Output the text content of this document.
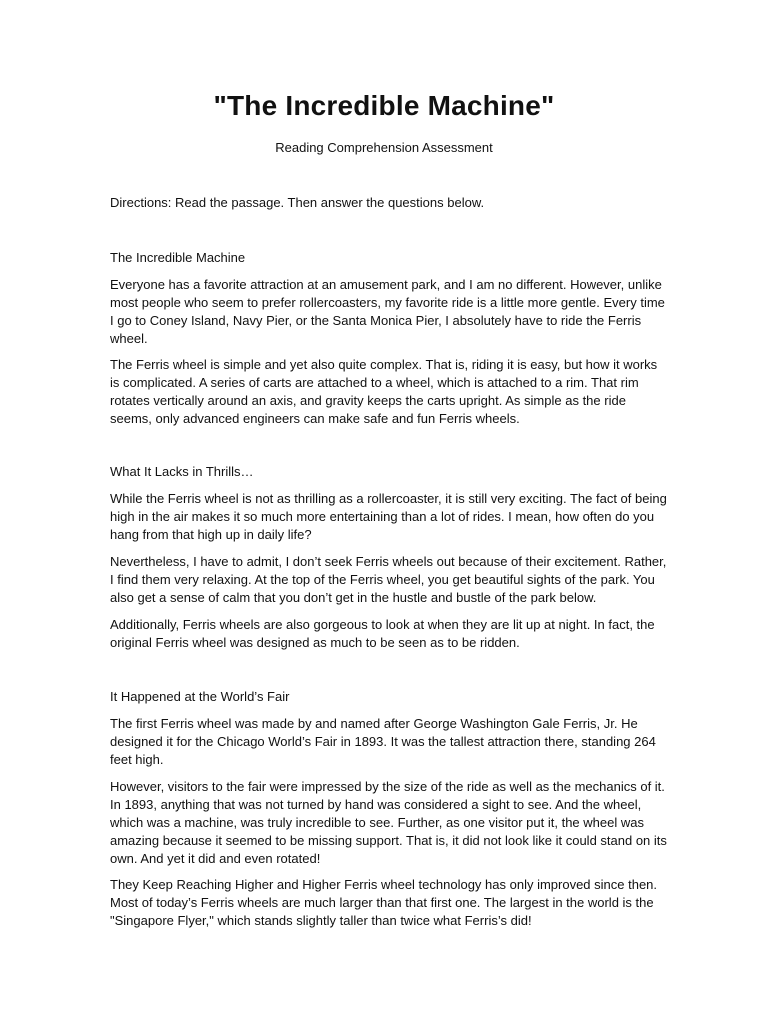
"The Incredible Machine"
Reading Comprehension Assessment

Directions: Read the passage. Then answer the questions below.

The Incredible Machine

Everyone has a favorite attraction at an amusement park, and I am no different. However, unlike most people who seem to prefer rollercoasters, my favorite ride is a little more gentle. Every time I go to Coney Island, Navy Pier, or the Santa Monica Pier, I absolutely have to ride the Ferris wheel.

The Ferris wheel is simple and yet also quite complex. That is, riding it is easy, but how it works is complicated. A series of carts are attached to a wheel, which is attached to a rim. That rim rotates vertically around an axis, and gravity keeps the carts upright. As simple as the ride seems, only advanced engineers can make safe and fun Ferris wheels.

What It Lacks in Thrills…

While the Ferris wheel is not as thrilling as a rollercoaster, it is still very exciting. The fact of being high in the air makes it so much more entertaining than a lot of rides. I mean, how often do you hang from that high up in daily life?

Nevertheless, I have to admit, I don’t seek Ferris wheels out because of their excitement. Rather, I find them very relaxing. At the top of the Ferris wheel, you get beautiful sights of the park. You also get a sense of calm that you don’t get in the hustle and bustle of the park below.

Additionally, Ferris wheels are also gorgeous to look at when they are lit up at night. In fact, the original Ferris wheel was designed as much to be seen as to be ridden.

It Happened at the World’s Fair

The first Ferris wheel was made by and named after George Washington Gale Ferris, Jr. He designed it for the Chicago World’s Fair in 1893. It was the tallest attraction there, standing 264 feet high.

However, visitors to the fair were impressed by the size of the ride as well as the mechanics of it. In 1893, anything that was not turned by hand was considered a sight to see. And the wheel, which was a machine, was truly incredible to see. Further, as one visitor put it, the wheel was amazing because it seemed to be missing support. That is, it did not look like it could stand on its own. And yet it did and even rotated!

They Keep Reaching Higher and Higher Ferris wheel technology has only improved since then. Most of today’s Ferris wheels are much larger than that first one. The largest in the world is the "Singapore Flyer," which stands slightly taller than twice what Ferris’s did!
